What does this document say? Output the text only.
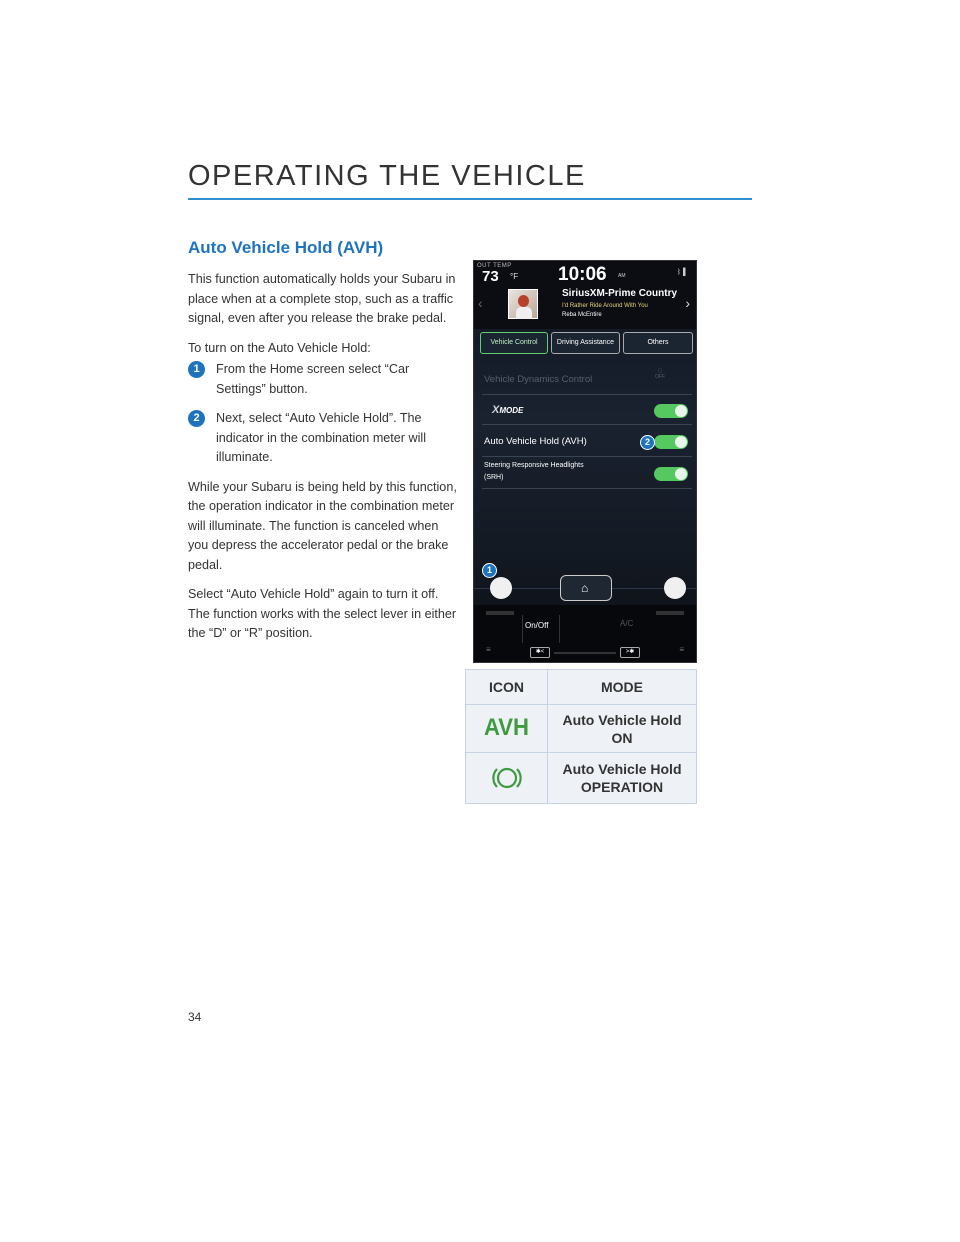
OPERATING THE VEHICLE
Auto Vehicle Hold (AVH)

This function automatically holds your Subaru in place when at a complete stop, such as a traffic signal, even after you release the brake pedal.

To turn on the Auto Vehicle Hold:

1	From the Home screen select “Car Settings” button.
2	Next, select “Auto Vehicle Hold”. The indicator in the combination meter will illuminate.

While your Subaru is being held by this function, the operation indicator in the combination meter will illuminate. The function is canceled when you depress the accelerator pedal or the brake pedal.

Select “Auto Vehicle Hold” again to turn it off. The function works with the select lever in either the “D” or “R” position.

OUT TEMP
73 °F 10:06 AM	ᛒ▌
‹	›
SiriusXM-Prime Country
I'd Rather Ride Around With You
Reba McEntire
Vehicle Control	Driving Assistance	Others
Vehicle Dynamics Control
▢
OFF
XMODE
Auto Vehicle Hold (AVH)
Steering Responsive Headlights
(SRH)
2
⌂
1
On/Off	A/C
✱<	>✱
≡	≡
ICON	MODE
AVH	Auto Vehicle Hold
ON
	Auto Vehicle Hold
OPERATION
34
